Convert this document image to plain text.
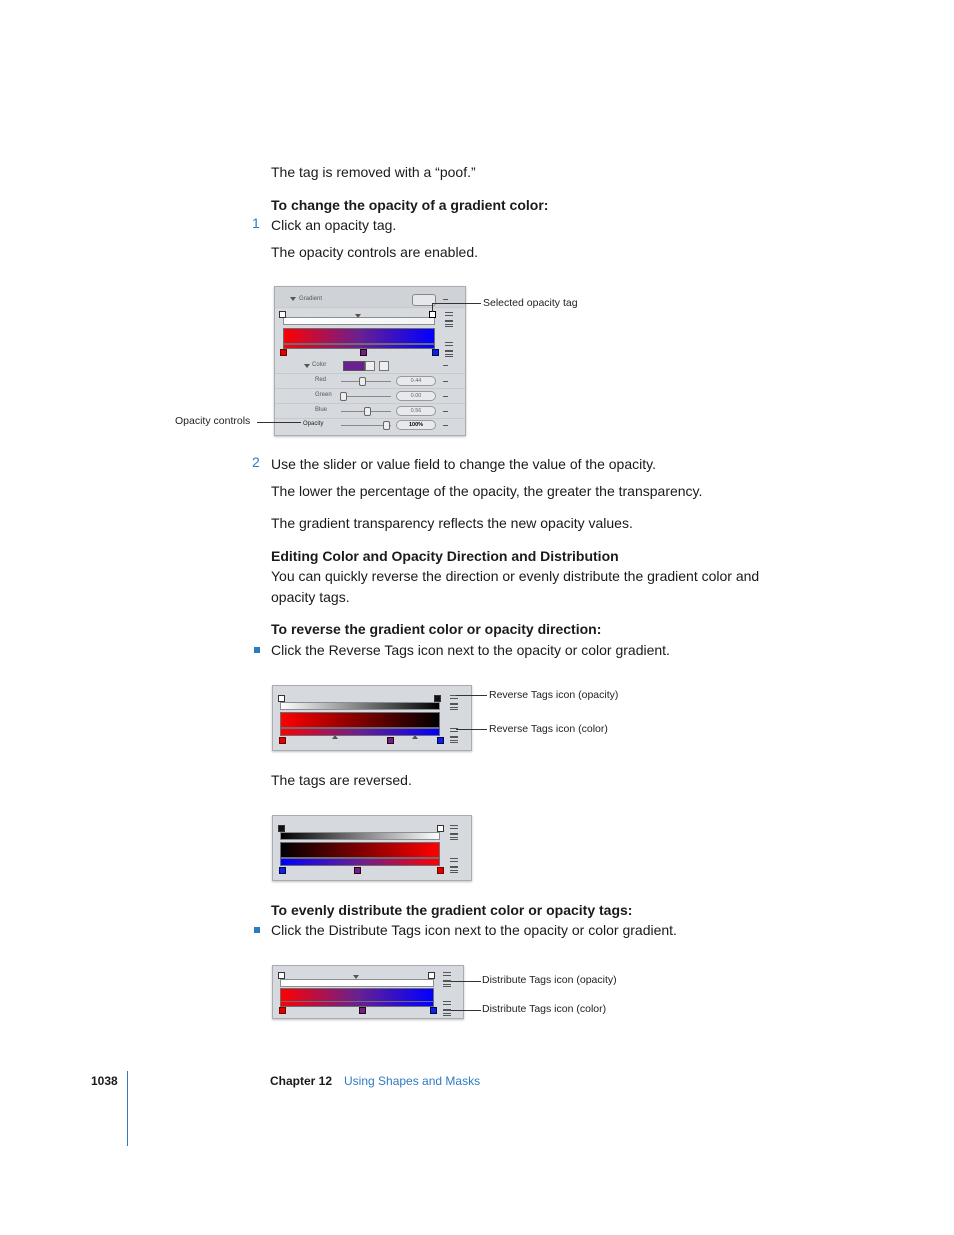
The tag is removed with a “poof.”
To change the opacity of a gradient color:
1 Click an opacity tag.
The opacity controls are enabled.
Gradient
Color
Red	0.44
Green	0.00
Blue	0.56
Opacity	100%
Selected opacity tag
Opacity controls
2 Use the slider or value field to change the value of the opacity.
The lower the percentage of the opacity, the greater the transparency.
The gradient transparency reflects the new opacity values.
Editing Color and Opacity Direction and Distribution
You can quickly reverse the direction or evenly distribute the gradient color and
opacity tags.
To reverse the gradient color or opacity direction:
Click the Reverse Tags icon next to the opacity or color gradient.
Reverse Tags icon (opacity)
Reverse Tags icon (color)
The tags are reversed.
To evenly distribute the gradient color or opacity tags:
Click the Distribute Tags icon next to the opacity or color gradient.
Distribute Tags icon (opacity)
Distribute Tags icon (color)
1038	Chapter 12 Using Shapes and Masks
